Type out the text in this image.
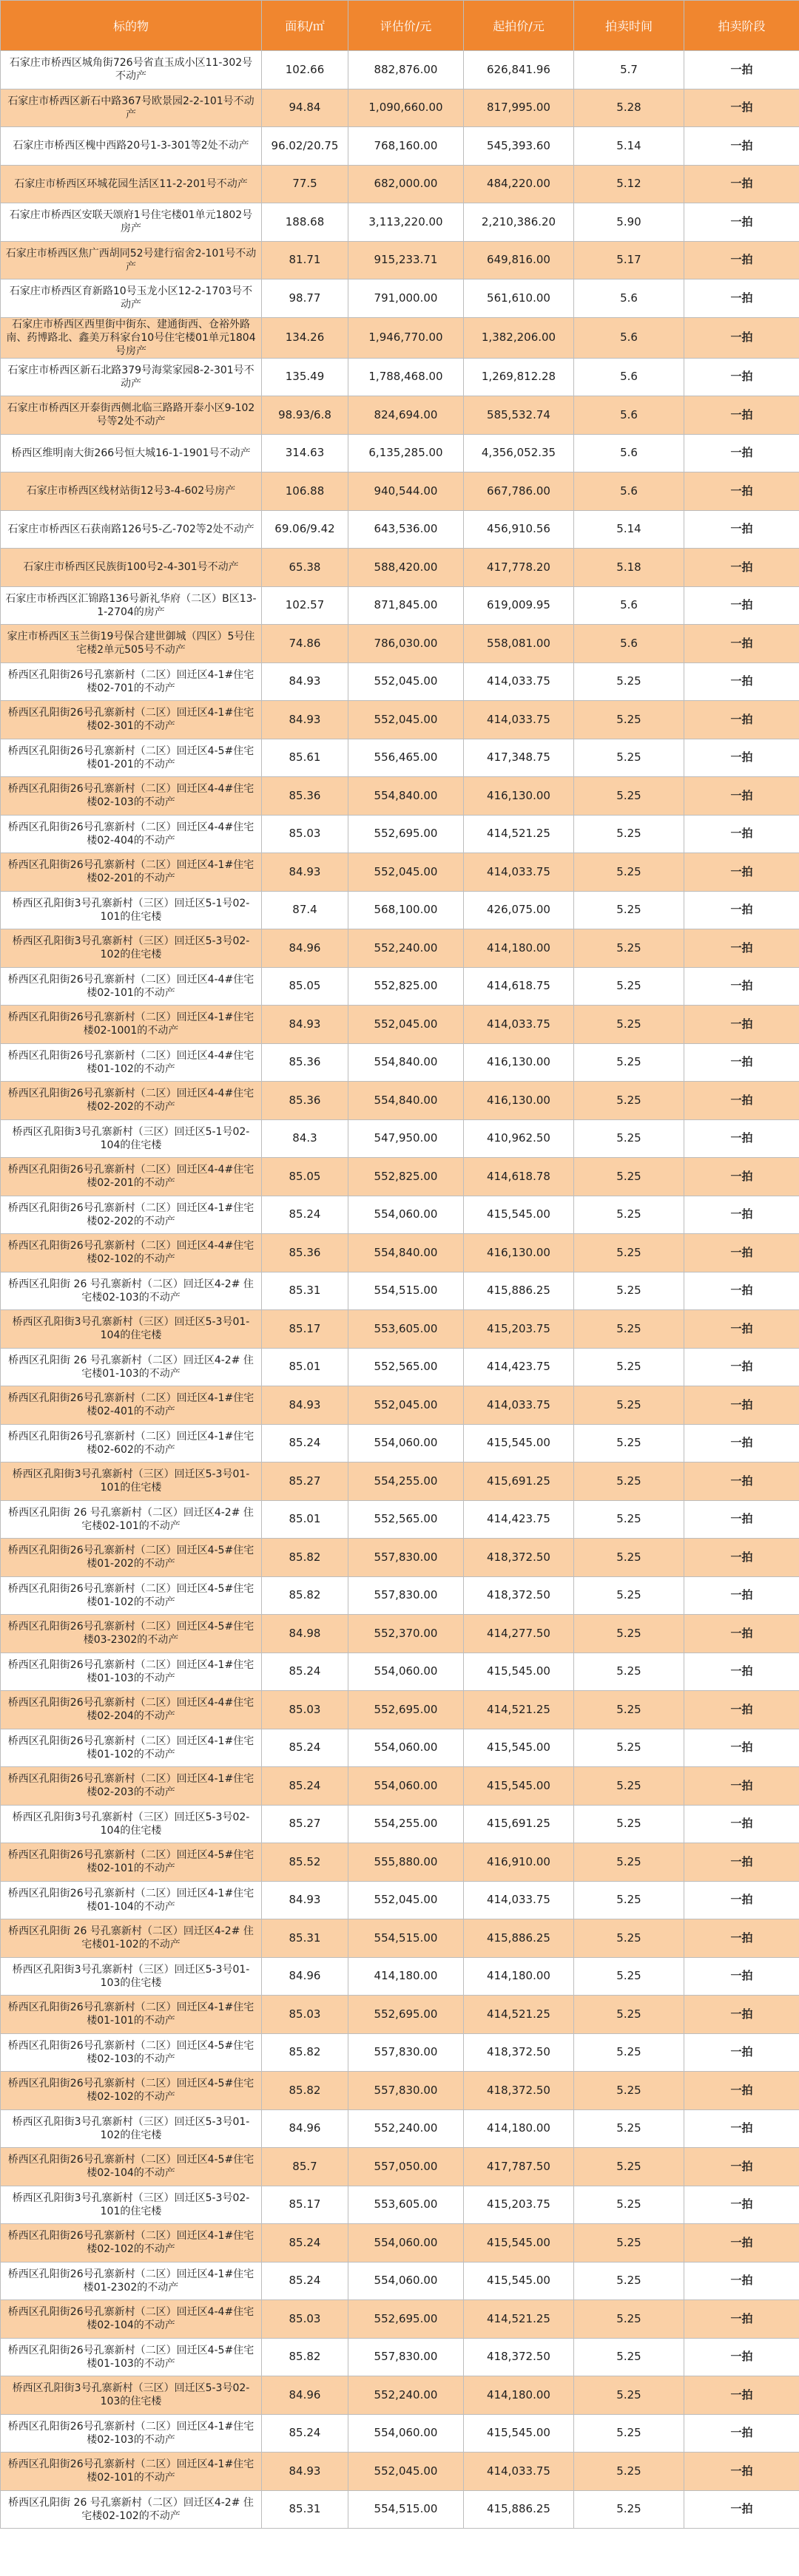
标的物	面积/㎡	评估价/元	起拍价/元	拍卖时间	拍卖阶段
石家庄市桥西区城角街726号省直玉成小区11-302号不动产	102.66	882,876.00	626,841.96	5.7	一拍
石家庄市桥西区新石中路367号欧景园2-2-101号不动产	94.84	1,090,660.00	817,995.00	5.28	一拍
石家庄市桥西区槐中西路20号1-3-301等2处不动产	96.02/20.75	768,160.00	545,393.60	5.14	一拍
石家庄市桥西区环城花园生活区11-2-201号不动产	77.5	682,000.00	484,220.00	5.12	一拍
石家庄市桥西区安联天颂府1号住宅楼01单元1802号房产	188.68	3,113,220.00	2,210,386.20	5.90	一拍
石家庄市桥西区焦广西胡同52号建行宿舍2-101号不动产	81.71	915,233.71	649,816.00	5.17	一拍
石家庄市桥西区育新路10号玉龙小区12-2-1703号不动产	98.77	791,000.00	561,610.00	5.6	一拍
石家庄市桥西区西里街中街东、建通街西、仓裕外路南、药博路北、鑫美万科家台10号住宅楼01单元1804号房产	134.26	1,946,770.00	1,382,206.00	5.6	一拍
石家庄市桥西区新石北路379号海棠家园8-2-301号不动产	135.49	1,788,468.00	1,269,812.28	5.6	一拍
石家庄市桥西区开泰街西侧北临三路路开泰小区9-102号等2处不动产	98.93/6.8	824,694.00	585,532.74	5.6	一拍
桥西区维明南大街266号恒大城16-1-1901号不动产	314.63	6,135,285.00	4,356,052.35	5.6	一拍
石家庄市桥西区线材站街12号3-4-602号房产	106.88	940,544.00	667,786.00	5.6	一拍
石家庄市桥西区石获南路126号5-乙-702等2处不动产	69.06/9.42	643,536.00	456,910.56	5.14	一拍
石家庄市桥西区民族街100号2-4-301号不动产	65.38	588,420.00	417,778.20	5.18	一拍
石家庄市桥西区汇锦路136号新礼华府（二区）B区13-1-2704的房产	102.57	871,845.00	619,009.95	5.6	一拍
家庄市桥西区玉兰街19号保合建世御城（四区）5号住宅楼2单元505号不动产	74.86	786,030.00	558,081.00	5.6	一拍
桥西区孔阳街26号孔寨新村（二区）回迁区4-1#住宅楼02-701的不动产	84.93	552,045.00	414,033.75	5.25	一拍
桥西区孔阳街26号孔寨新村（二区）回迁区4-1#住宅楼02-301的不动产	84.93	552,045.00	414,033.75	5.25	一拍
桥西区孔阳街26号孔寨新村（二区）回迁区4-5#住宅楼01-201的不动产	85.61	556,465.00	417,348.75	5.25	一拍
桥西区孔阳街26号孔寨新村（二区）回迁区4-4#住宅楼02-103的不动产	85.36	554,840.00	416,130.00	5.25	一拍
桥西区孔阳街26号孔寨新村（二区）回迁区4-4#住宅楼02-404的不动产	85.03	552,695.00	414,521.25	5.25	一拍
桥西区孔阳街26号孔寨新村（二区）回迁区4-1#住宅楼02-201的不动产	84.93	552,045.00	414,033.75	5.25	一拍
桥西区孔阳街3号孔寨新村（三区）回迁区5-1号02-101的住宅楼	87.4	568,100.00	426,075.00	5.25	一拍
桥西区孔阳街3号孔寨新村（三区）回迁区5-3号02-102的住宅楼	84.96	552,240.00	414,180.00	5.25	一拍
桥西区孔阳街26号孔寨新村（二区）回迁区4-4#住宅楼02-101的不动产	85.05	552,825.00	414,618.75	5.25	一拍
桥西区孔阳街26号孔寨新村（二区）回迁区4-1#住宅楼02-1001的不动产	84.93	552,045.00	414,033.75	5.25	一拍
桥西区孔阳街26号孔寨新村（二区）回迁区4-4#住宅楼01-102的不动产	85.36	554,840.00	416,130.00	5.25	一拍
桥西区孔阳街26号孔寨新村（二区）回迁区4-4#住宅楼02-202的不动产	85.36	554,840.00	416,130.00	5.25	一拍
桥西区孔阳街3号孔寨新村（三区）回迁区5-1号02-104的住宅楼	84.3	547,950.00	410,962.50	5.25	一拍
桥西区孔阳街26号孔寨新村（二区）回迁区4-4#住宅楼02-201的不动产	85.05	552,825.00	414,618.78	5.25	一拍
桥西区孔阳街26号孔寨新村（二区）回迁区4-1#住宅楼02-202的不动产	85.24	554,060.00	415,545.00	5.25	一拍
桥西区孔阳街26号孔寨新村（二区）回迁区4-4#住宅楼02-102的不动产	85.36	554,840.00	416,130.00	5.25	一拍
桥西区孔阳街 26 号孔寨新村（二区）回迁区4-2# 住宅楼02-103的不动产	85.31	554,515.00	415,886.25	5.25	一拍
桥西区孔阳街3号孔寨新村（三区）回迁区5-3号01-104的住宅楼	85.17	553,605.00	415,203.75	5.25	一拍
桥西区孔阳街 26 号孔寨新村（二区）回迁区4-2# 住宅楼01-103的不动产	85.01	552,565.00	414,423.75	5.25	一拍
桥西区孔阳街26号孔寨新村（二区）回迁区4-1#住宅楼02-401的不动产	84.93	552,045.00	414,033.75	5.25	一拍
桥西区孔阳街26号孔寨新村（二区）回迁区4-1#住宅楼02-602的不动产	85.24	554,060.00	415,545.00	5.25	一拍
桥西区孔阳街3号孔寨新村（三区）回迁区5-3号01-101的住宅楼	85.27	554,255.00	415,691.25	5.25	一拍
桥西区孔阳街 26 号孔寨新村（二区）回迁区4-2# 住宅楼02-101的不动产	85.01	552,565.00	414,423.75	5.25	一拍
桥西区孔阳街26号孔寨新村（二区）回迁区4-5#住宅楼01-202的不动产	85.82	557,830.00	418,372.50	5.25	一拍
桥西区孔阳街26号孔寨新村（二区）回迁区4-5#住宅楼01-102的不动产	85.82	557,830.00	418,372.50	5.25	一拍
桥西区孔阳街26号孔寨新村（二区）回迁区4-5#住宅楼03-2302的不动产	84.98	552,370.00	414,277.50	5.25	一拍
桥西区孔阳街26号孔寨新村（二区）回迁区4-1#住宅楼01-103的不动产	85.24	554,060.00	415,545.00	5.25	一拍
桥西区孔阳街26号孔寨新村（二区）回迁区4-4#住宅楼02-204的不动产	85.03	552,695.00	414,521.25	5.25	一拍
桥西区孔阳街26号孔寨新村（二区）回迁区4-1#住宅楼01-102的不动产	85.24	554,060.00	415,545.00	5.25	一拍
桥西区孔阳街26号孔寨新村（二区）回迁区4-1#住宅楼02-203的不动产	85.24	554,060.00	415,545.00	5.25	一拍
桥西区孔阳街3号孔寨新村（三区）回迁区5-3号02-104的住宅楼	85.27	554,255.00	415,691.25	5.25	一拍
桥西区孔阳街26号孔寨新村（二区）回迁区4-5#住宅楼02-101的不动产	85.52	555,880.00	416,910.00	5.25	一拍
桥西区孔阳街26号孔寨新村（二区）回迁区4-1#住宅楼01-104的不动产	84.93	552,045.00	414,033.75	5.25	一拍
桥西区孔阳街 26 号孔寨新村（二区）回迁区4-2# 住宅楼01-102的不动产	85.31	554,515.00	415,886.25	5.25	一拍
桥西区孔阳街3号孔寨新村（三区）回迁区5-3号01-103的住宅楼	84.96	414,180.00	414,180.00	5.25	一拍
桥西区孔阳街26号孔寨新村（二区）回迁区4-1#住宅楼01-101的不动产	85.03	552,695.00	414,521.25	5.25	一拍
桥西区孔阳街26号孔寨新村（二区）回迁区4-5#住宅楼02-103的不动产	85.82	557,830.00	418,372.50	5.25	一拍
桥西区孔阳街26号孔寨新村（二区）回迁区4-5#住宅楼02-102的不动产	85.82	557,830.00	418,372.50	5.25	一拍
桥西区孔阳街3号孔寨新村（三区）回迁区5-3号01-102的住宅楼	84.96	552,240.00	414,180.00	5.25	一拍
桥西区孔阳街26号孔寨新村（二区）回迁区4-5#住宅楼02-104的不动产	85.7	557,050.00	417,787.50	5.25	一拍
桥西区孔阳街3号孔寨新村（三区）回迁区5-3号02-101的住宅楼	85.17	553,605.00	415,203.75	5.25	一拍
桥西区孔阳街26号孔寨新村（二区）回迁区4-1#住宅楼02-102的不动产	85.24	554,060.00	415,545.00	5.25	一拍
桥西区孔阳街26号孔寨新村（二区）回迁区4-1#住宅楼01-2302的不动产	85.24	554,060.00	415,545.00	5.25	一拍
桥西区孔阳街26号孔寨新村（二区）回迁区4-4#住宅楼02-104的不动产	85.03	552,695.00	414,521.25	5.25	一拍
桥西区孔阳街26号孔寨新村（二区）回迁区4-5#住宅楼01-103的不动产	85.82	557,830.00	418,372.50	5.25	一拍
桥西区孔阳街3号孔寨新村（三区）回迁区5-3号02-103的住宅楼	84.96	552,240.00	414,180.00	5.25	一拍
桥西区孔阳街26号孔寨新村（二区）回迁区4-1#住宅楼02-103的不动产	85.24	554,060.00	415,545.00	5.25	一拍
桥西区孔阳街26号孔寨新村（二区）回迁区4-1#住宅楼02-101的不动产	84.93	552,045.00	414,033.75	5.25	一拍
桥西区孔阳街 26 号孔寨新村（二区）回迁区4-2# 住宅楼02-102的不动产	85.31	554,515.00	415,886.25	5.25	一拍
